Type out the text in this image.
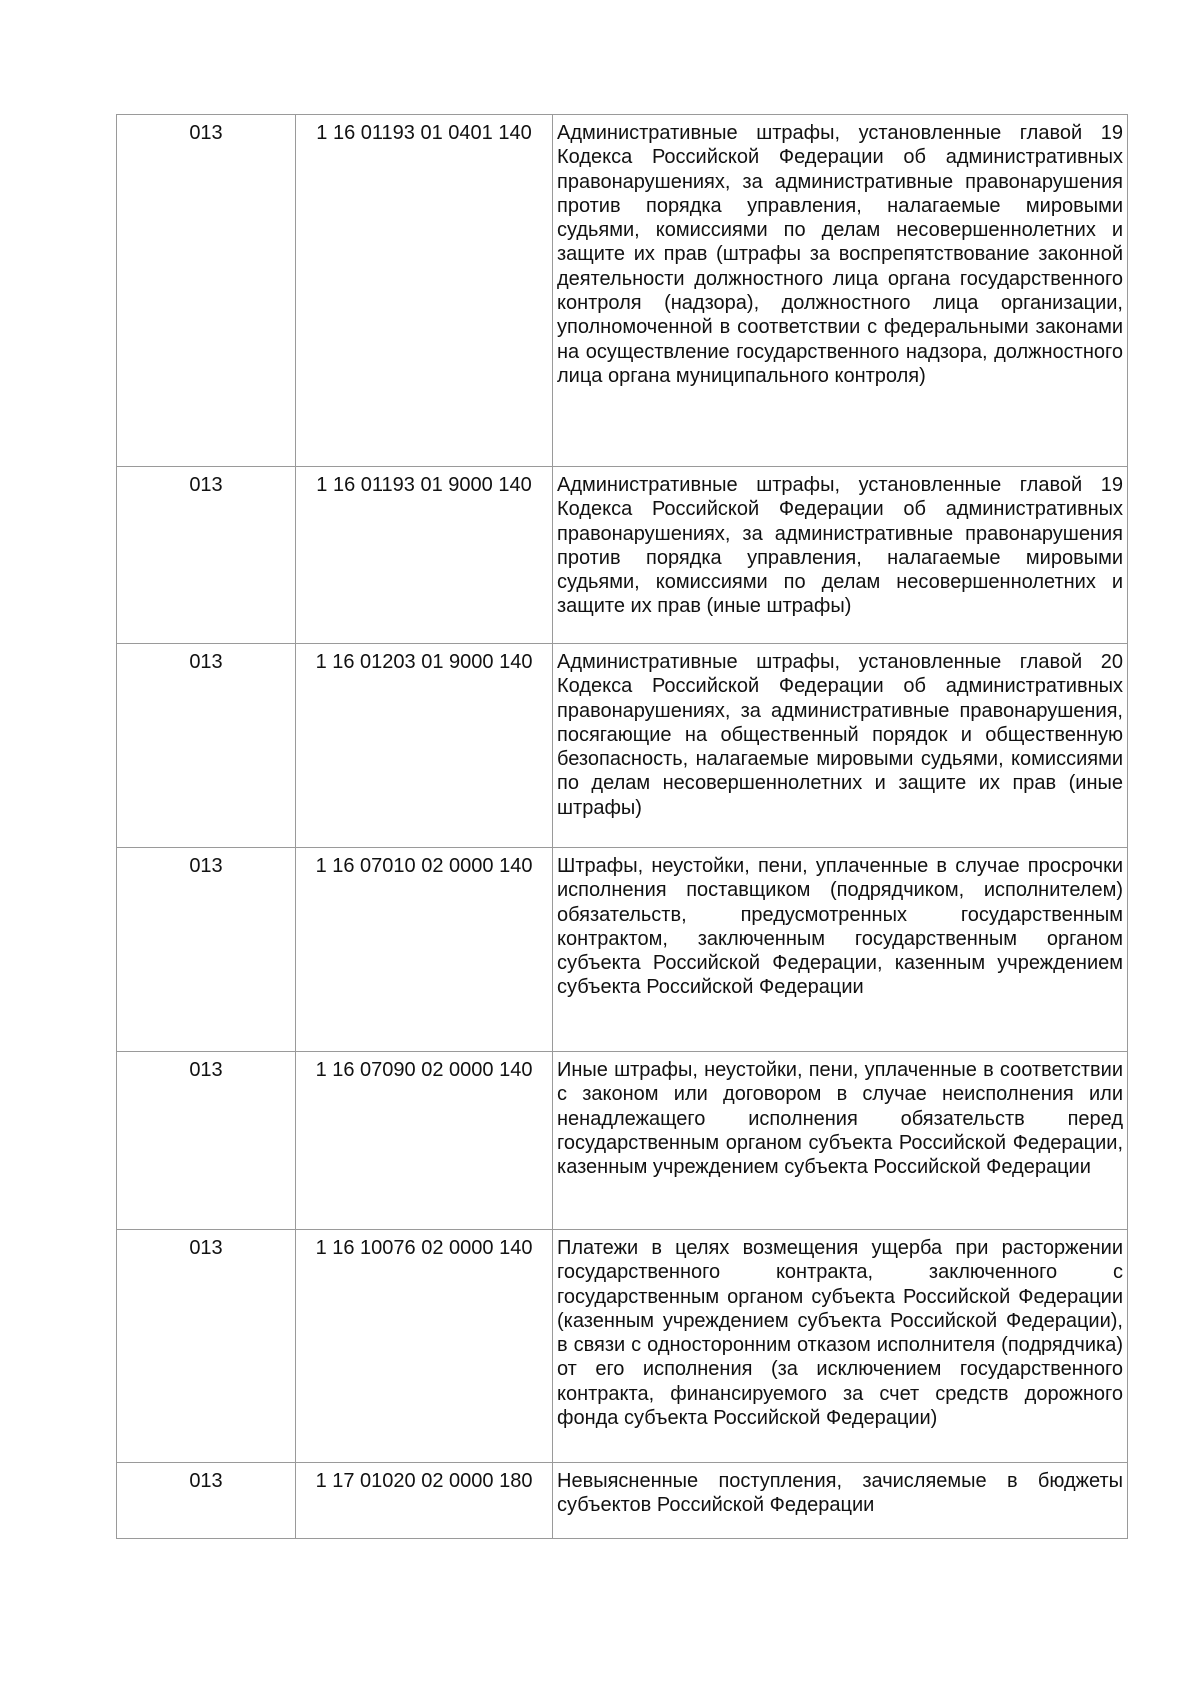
013	1 16 01193 01 0401 140	Административные штрафы, установленные главой 19 Кодекса Российской Федерации об административных правонарушениях, за административные правонарушения против порядка управления, налагаемые мировыми судьями, комиссиями по делам несовершеннолетних и защите их прав (штрафы за воспрепятствование законной деятельности должностного лица органа государственного контроля (надзора), должностного лица организации, уполномоченной в соответствии с федеральными законами на осуществление государственного надзора, должностного лица органа муниципального контроля)
013	1 16 01193 01 9000 140	Административные штрафы, установленные главой 19 Кодекса Российской Федерации об административных правонарушениях, за административные правонарушения против порядка управления, налагаемые мировыми судьями, комиссиями по делам несовершеннолетних и защите их прав (иные штрафы)
013	1 16 01203 01 9000 140	Административные штрафы, установленные главой 20 Кодекса Российской Федерации об административных правонарушениях, за административные правонарушения, посягающие на общественный порядок и общественную безопасность, налагаемые мировыми судьями, комиссиями по делам несовершеннолетних и защите их прав (иные штрафы)
013	1 16 07010 02 0000 140	Штрафы, неустойки, пени, уплаченные в случае просрочки исполнения поставщиком (подрядчиком, исполнителем) обязательств, предусмотренных государственным контрактом, заключенным государственным органом субъекта Российской Федерации, казенным учреждением субъекта Российской Федерации
013	1 16 07090 02 0000 140	Иные штрафы, неустойки, пени, уплаченные в соответствии с законом или договором в случае неисполнения или ненадлежащего исполнения обязательств перед государственным органом субъекта Российской Федерации, казенным учреждением субъекта Российской Федерации
013	1 16 10076 02 0000 140	Платежи в целях возмещения ущерба при расторжении государственного контракта, заключенного с государственным органом субъекта Российской Федерации (казенным учреждением субъекта Российской Федерации), в связи с односторонним отказом исполнителя (подрядчика) от его исполнения (за исключением государственного контракта, финансируемого за счет средств дорожного фонда субъекта Российской Федерации)
013	1 17 01020 02 0000 180	Невыясненные поступления, зачисляемые в бюджеты субъектов Российской Федерации
